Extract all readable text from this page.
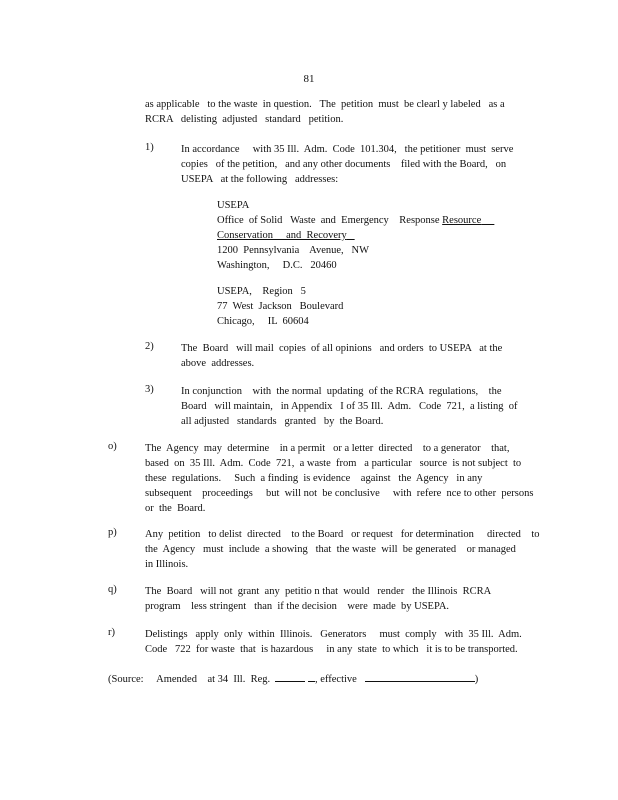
81
as applicable   to the waste  in question.   The  petition  must  be clearl y labeled   as a
RCRA   delisting  adjusted   standard   petition.
1)	In accordance     with 35 Ill.  Adm.  Code  101.304,   the petitioner  must  serve
copies   of the petition,   and any other documents    filed with the Board,   on
USEPA   at the following   addresses:
USEPA
Office  of Solid   Waste  and  Emergency    Response Resource
Conservation     and  Recovery
1200  Pennsylvania    Avenue,   NW
Washington,     D.C.   20460
USEPA,    Region   5
77  West  Jackson   Boulevard
Chicago,     IL  60604
2)	The  Board   will mail  copies  of all opinions   and orders  to USEPA   at the
above  addresses.
3)	In conjunction    with  the normal  updating  of the RCRA  regulations,    the
Board   will maintain,   in Appendix   I of 35 Ill.  Adm.   Code  721,  a listing  of
all adjusted   standards   granted   by  the Board.
o)	The  Agency  may  determine    in a permit   or a letter  directed    to a generator    that,
based  on  35 Ill.  Adm.  Code  721,  a waste  from   a particular   source  is not subject  to
these  regulations.     Such  a finding  is evidence    against   the  Agency   in any
subsequent    proceedings     but  will not  be conclusive     with  refere  nce to other  persons
or  the  Board.
p)	Any  petition   to delist  directed    to the Board   or request   for determination     directed    to
the  Agency   must  include  a showing   that  the waste  will  be generated    or managed
in Illinois.
q)	The  Board   will not  grant  any  petitio n that  would   render   the Illinois  RCRA
program    less stringent   than  if the decision    were  made  by USEPA.
r)	Delistings   apply  only  within  Illinois.   Generators     must  comply   with  35 Ill.  Adm.
Code   722  for waste  that  is hazardous     in any  state  to which   it is to be transported.
(Source: Amended    at 34  Ill.  Reg.	, effective	)
